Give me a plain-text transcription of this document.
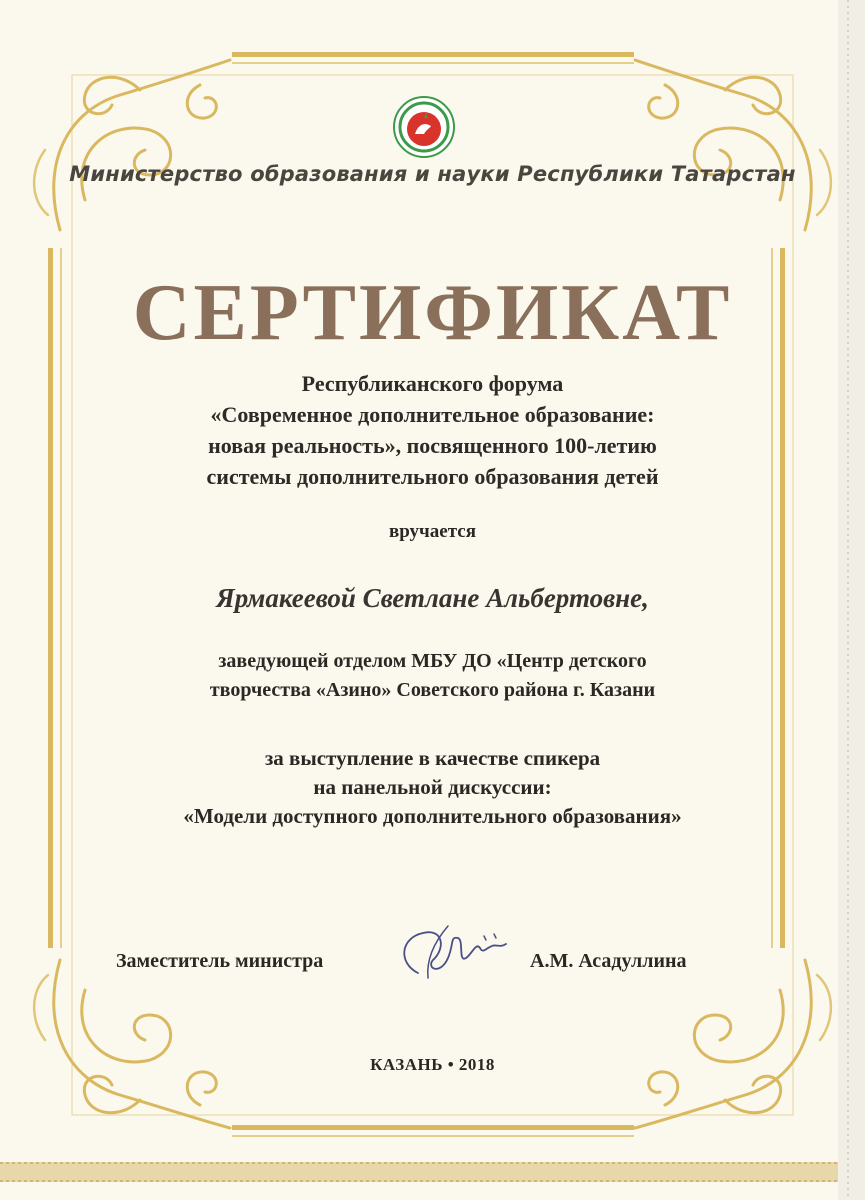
Министерство образования и науки Республики Татарстан
СЕРТИФИКАТ
Республиканского форума
«Современное дополнительное образование:
новая реальность», посвященного 100-летию
системы дополнительного образования детей
вручается
Ярмакеевой Светлане Альбертовне,
заведующей отделом МБУ ДО «Центр детского
творчества «Азино» Советского района г. Казани
за выступление в качестве спикера
на панельной дискуссии:
«Модели доступного дополнительного образования»
Заместитель министра	А.М. Асадуллина
КАЗАНЬ • 2018
